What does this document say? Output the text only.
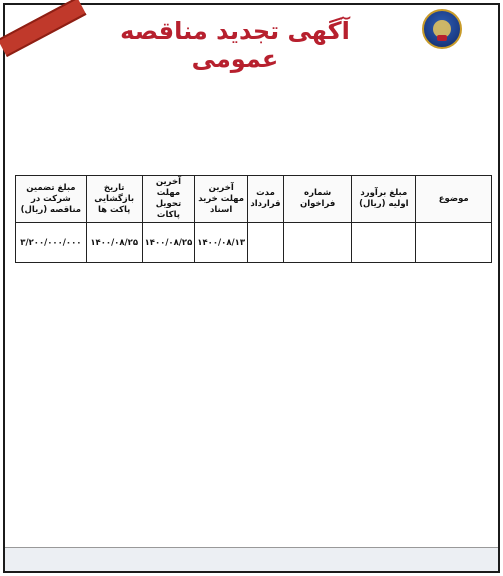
آگهی تجدید مناقصه عمومی
موضوع	مبلغ برآورد اولیه (ریال)	شماره فراخوان	مدت قرارداد	آخرین مهلت خرید اسناد	آخرین مهلت تحویل پاکات	تاریخ بازگشایی پاکت ها	مبلغ تضمین شرکت در مناقصه (ریال)
				۱۴۰۰/۰۸/۱۳	۱۴۰۰/۰۸/۲۵	۱۴۰۰/۰۸/۲۵	۳/۲۰۰/۰۰۰/۰۰۰
